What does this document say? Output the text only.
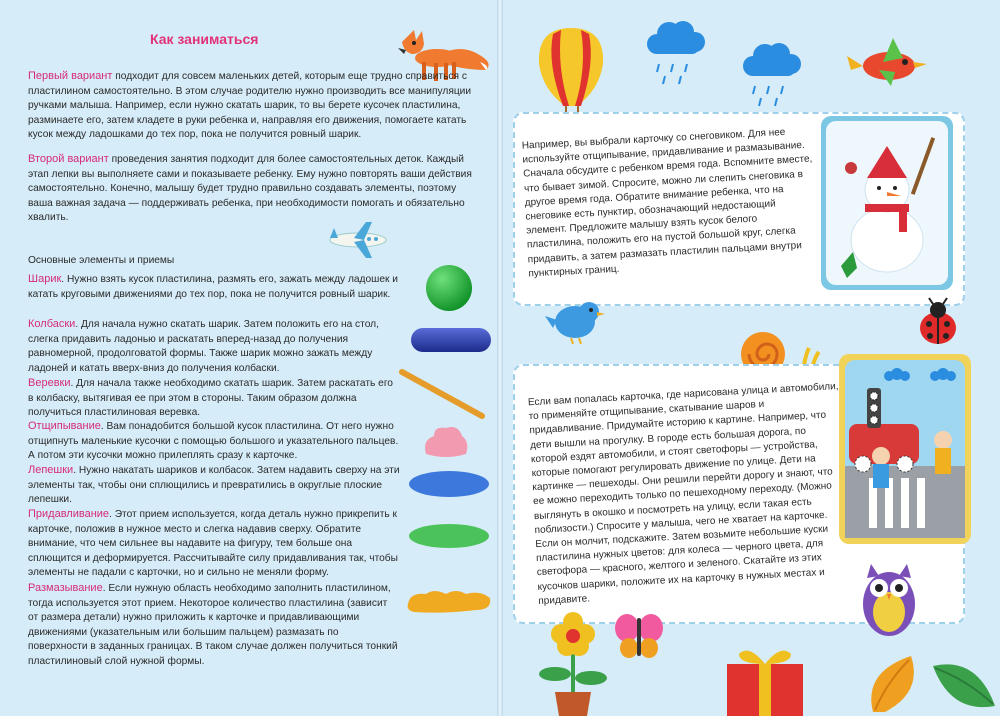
Как заниматься

Первый вариант подходит для совсем маленьких детей, которым еще трудно справиться с пластилином самостоятельно. В этом случае родителю нужно производить все манипуляции ручками малыша. Например, если нужно скатать шарик, то вы берете кусочек пластилина, разминаете его, затем кладете в руки ребенка и, направляя его движения, помогаете катать кусок между ладошками до тех пор, пока не получится ровный шарик.

Второй вариант проведения занятия подходит для более самостоятельных деток. Каждый этап лепки вы выполняете сами и показываете ребенку. Ему нужно повторять ваши действия самостоятельно. Конечно, малышу будет трудно правильно создавать элементы, поэтому ваша важная задача — поддерживать ребенка, при необходимости помогать и обязательно хвалить.

Основные элементы и приемы

Шарик. Нужно взять кусок пластилина, размять его, зажать между ладошек и катать круговыми движениями до тех пор, пока не получится ровный шарик.

Колбаски. Для начала нужно скатать шарик. Затем положить его на стол, слегка придавить ладонью и раскатать вперед-назад до получения равномерной, продолговатой формы. Также шарик можно зажать между ладоней и катать вверх-вниз до получения колбаски.

Веревки. Для начала также необходимо скатать шарик. Затем раскатать его в колбаску, вытягивая ее при этом в стороны. Таким образом должна получиться пластилиновая веревка.

Отщипывание. Вам понадобится большой кусок пластилина. От него нужно отщипнуть маленькие кусочки с помощью большого и указательного пальцев. А потом эти кусочки можно прилеплять сразу к карточке.

Лепешки. Нужно накатать шариков и колбасок. Затем надавить сверху на эти элементы так, чтобы они сплющились и превратились в округлые плоские лепешки.

Придавливание. Этот прием используется, когда деталь нужно прикрепить к карточке, положив в нужное место и слегка надавив сверху. Обратите внимание, что чем сильнее вы надавите на фигуру, тем больше она сплющится и деформируется. Рассчитывайте силу придавливания так, чтобы элементы не падали с карточки, но и сильно не меняли форму.

Размазывание. Если нужную область необходимо заполнить пластилином, тогда используется этот прием. Некоторое количество пластилина (зависит от размера детали) нужно приложить к карточке и придавливающими движениями (указательным или большим пальцем) размазать по поверхности в заданных границах. В таком случае должен получиться тонкий пластилиновый слой нужной формы.

Например, вы выбрали карточку со снеговиком. Для нее используйте отщипывание, придавливание и размазывание. Сначала обсудите с ребенком время года. Вспомните вместе, что бывает зимой. Спросите, можно ли слепить снеговика в другое время года. Обратите внимание ребенка, что на снеговике есть пунктир, обозначающий недостающий элемент. Предложите малышу взять кусок белого пластилина, положить его на пустой большой круг, слегка придавить, а затем размазать пластилин пальцами внутри пунктирных границ.

Если вам попалась карточка, где нарисована улица и автомобили, то применяйте отщипывание, скатывание шаров и придавливание. Придумайте историю к картине. Например, что дети вышли на прогулку. В городе есть большая дорога, по которой ездят автомобили, и стоят светофоры — устройства, которые помогают регулировать движение по улице. Дети на картинке — пешеходы. Они решили перейти дорогу и знают, что ее можно переходить только по пешеходному переходу. (Можно выглянуть в окошко и посмотреть на улицу, если такая есть поблизости.) Спросите у малыша, чего не хватает на карточке. Если он молчит, подскажите. Затем возьмите небольшие куски пластилина нужных цветов: для колеса — черного цвета, для светофора — красного, желтого и зеленого. Скатайте из этих кусочков шарики, положите их на карточку в нужных местах и придавите.
